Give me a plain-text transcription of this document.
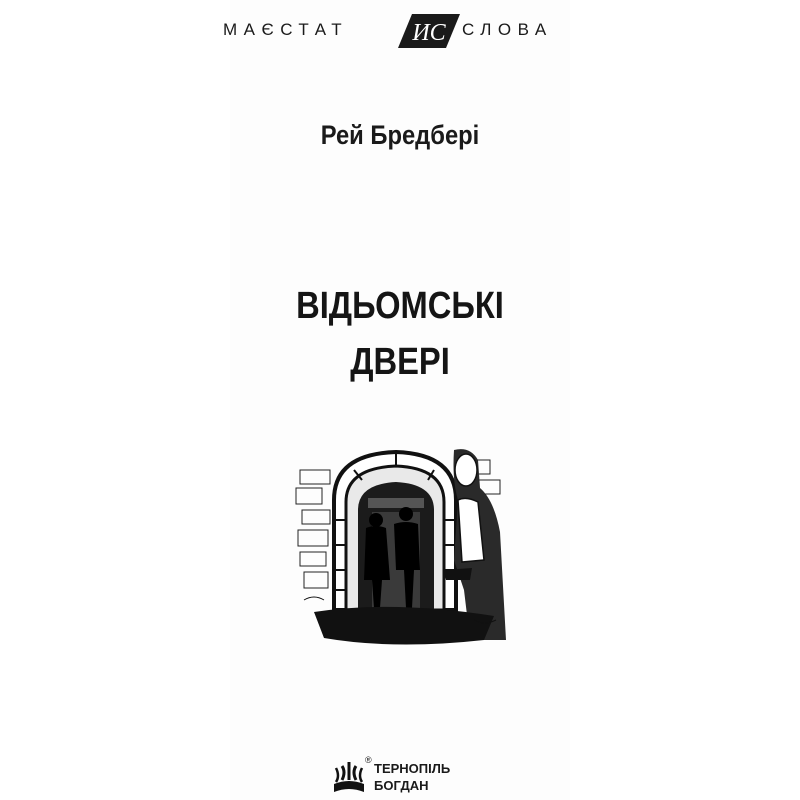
МАЄСТАТ	ИС СЛОВА
Рей Бредбері
ВІДЬОМСЬКІ
ДВЕРІ
®
ТЕРНОПІЛЬ
БОГДАН
